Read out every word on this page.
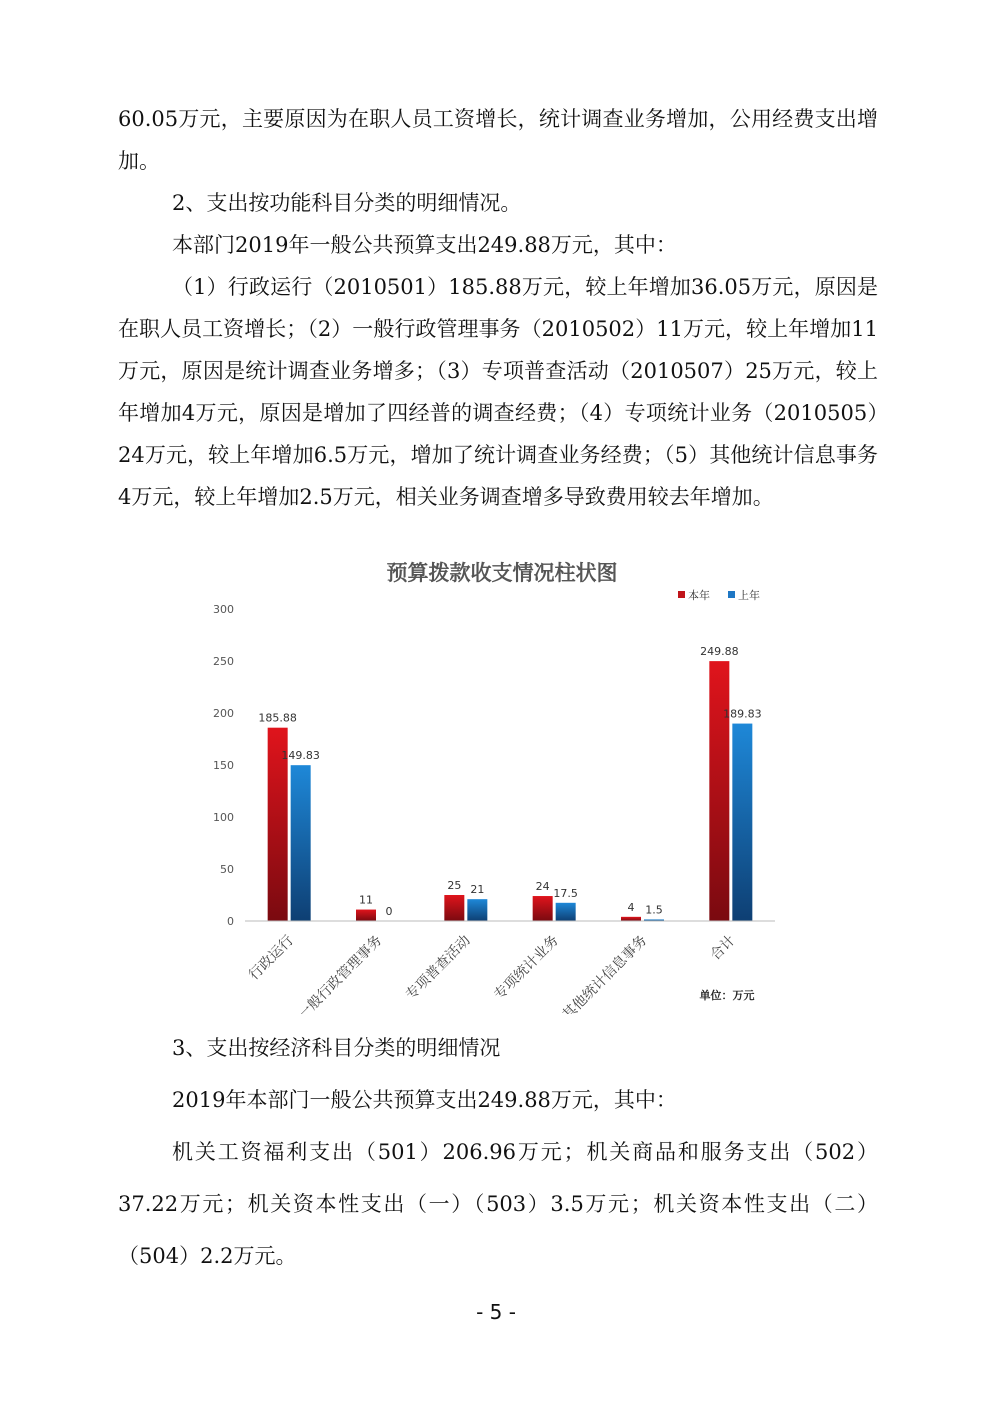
60.05万元，主要原因为在职人员工资增长，统计调查业务增加，公用经费支出增加。

2、支出按功能科目分类的明细情况。

本部门2019年一般公共预算支出249.88万元，其中：

（1）行政运行（2010501）185.88万元，较上年增加36.05万元，原因是在职人员工资增长；（2）一般行政管理事务（2010502）11万元，较上年增加11万元，原因是统计调查业务增多；（3）专项普查活动（2010507）25万元，较上年增加4万元，原因是增加了四经普的调查经费；（4）专项统计业务（2010505）24万元，较上年增加6.5万元，增加了统计调查业务经费；（5）其他统计信息事务4万元，较上年增加2.5万元，相关业务调查增多导致费用较去年增加。

预算拨款收支情况柱状图
本年	上年
0
50
100
150
200
250
300
185.88
149.83
11
0
25 21	24
17.5
4 1.5
249.88
189.83
行政运行
一般行政管理事务 专项普查活动 专项统计业务
其他统计信息事务	合计
单位：万元

3、支出按经济科目分类的明细情况

2019年本部门一般公共预算支出249.88万元，其中：

机关工资福利支出（501）206.96万元；机关商品和服务支出（502）37.22万元；机关资本性支出（一）（503）3.5万元；机关资本性支出（二）（504）2.2万元。

- 5 -
